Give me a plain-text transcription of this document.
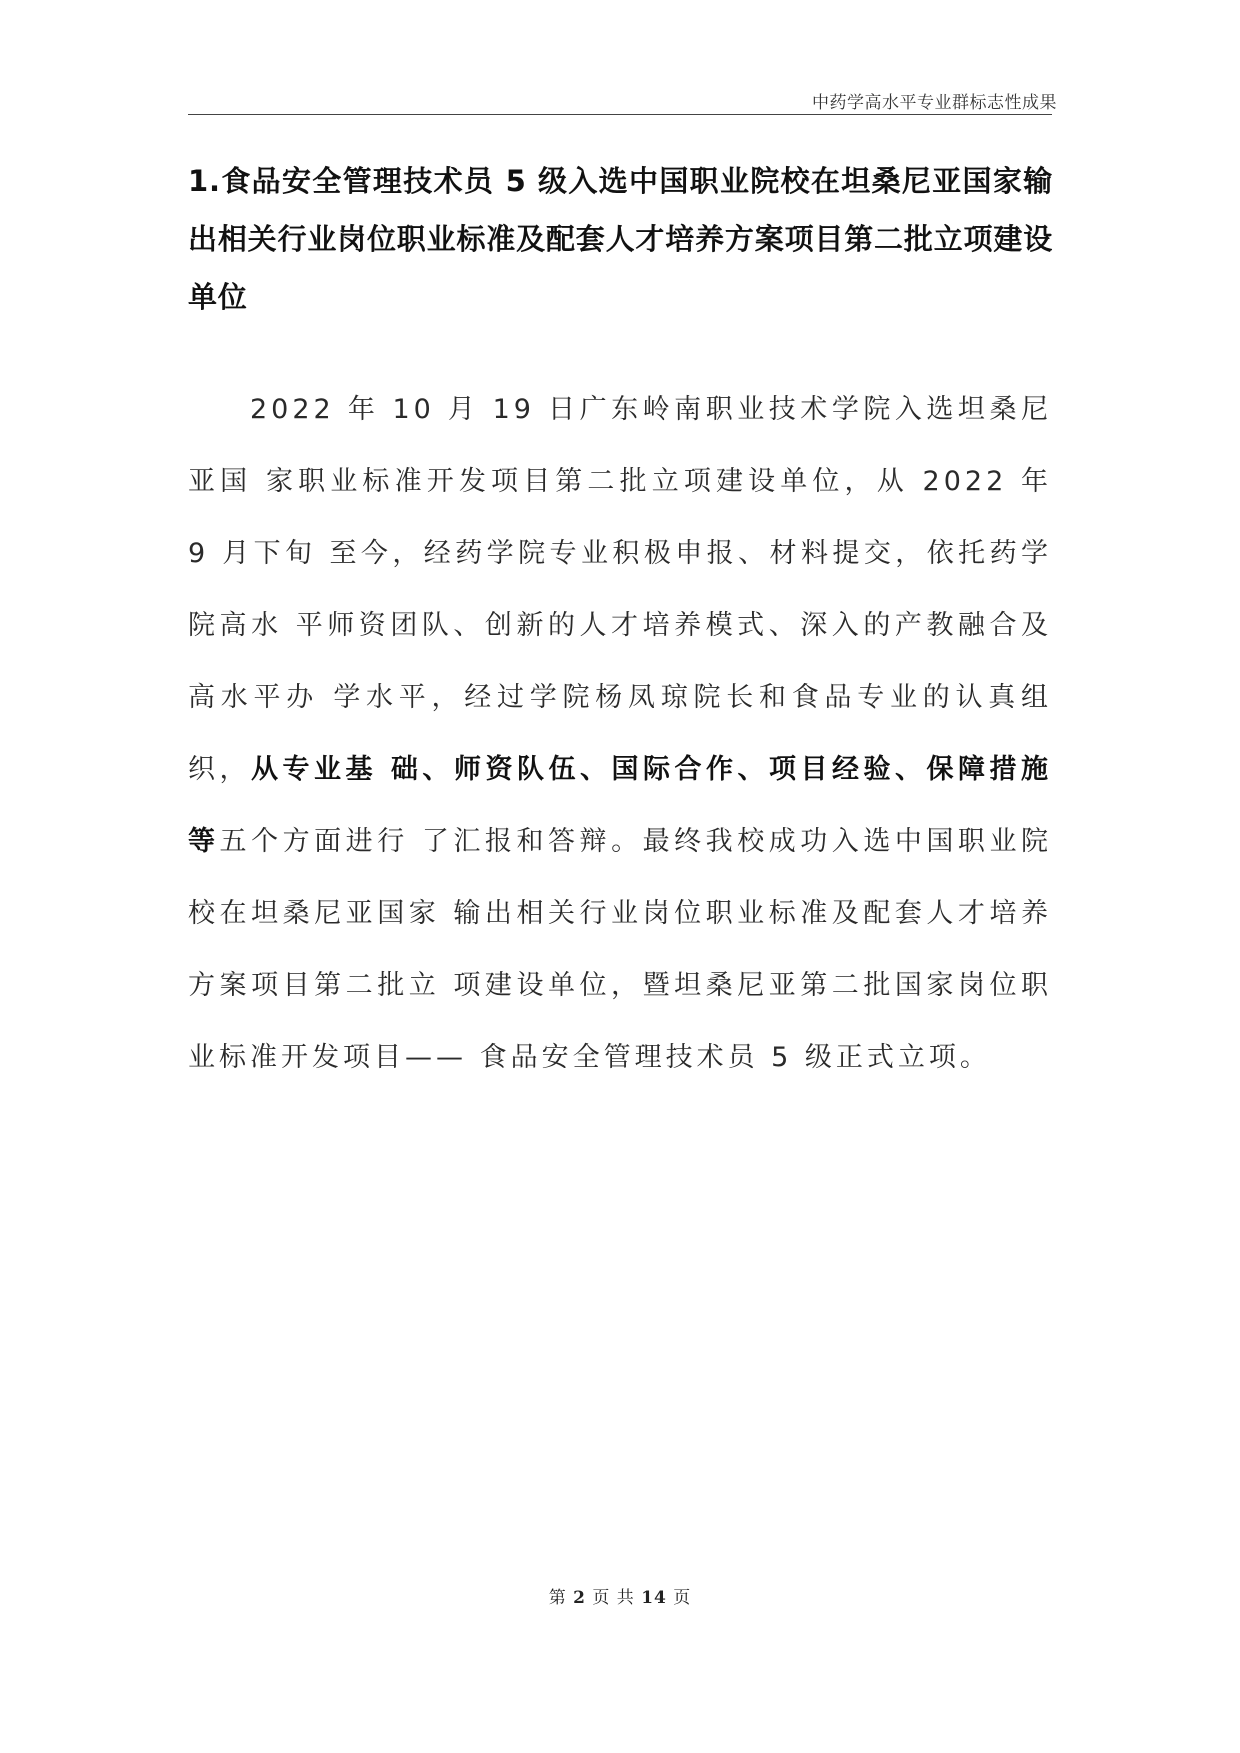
中药学高水平专业群标志性成果
1.食品安全管理技术员 5 级入选中国职业院校在坦桑尼亚国家输出相关行业岗位职业标准及配套人才培养方案项目第二批立项建设单位

2022 年 10 月 19 日广东岭南职业技术学院入选坦桑尼亚国 家职业标准开发项目第二批立项建设单位，从 2022 年 9 月下旬 至今，经药学院专业积极申报、材料提交，依托药学院高水 平师资团队、创新的人才培养模式、深入的产教融合及高水平办 学水平，经过学院杨凤琼院长和食品专业的认真组织，从专业基 础、师资队伍、国际合作、项目经验、保障措施等五个方面进行 了汇报和答辩。最终我校成功入选中国职业院校在坦桑尼亚国家 输出相关行业岗位职业标准及配套人才培养方案项目第二批立 项建设单位，暨坦桑尼亚第二批国家岗位职业标准开发项目—— 食品安全管理技术员 5 级正式立项。

第 2 页 共 14 页
